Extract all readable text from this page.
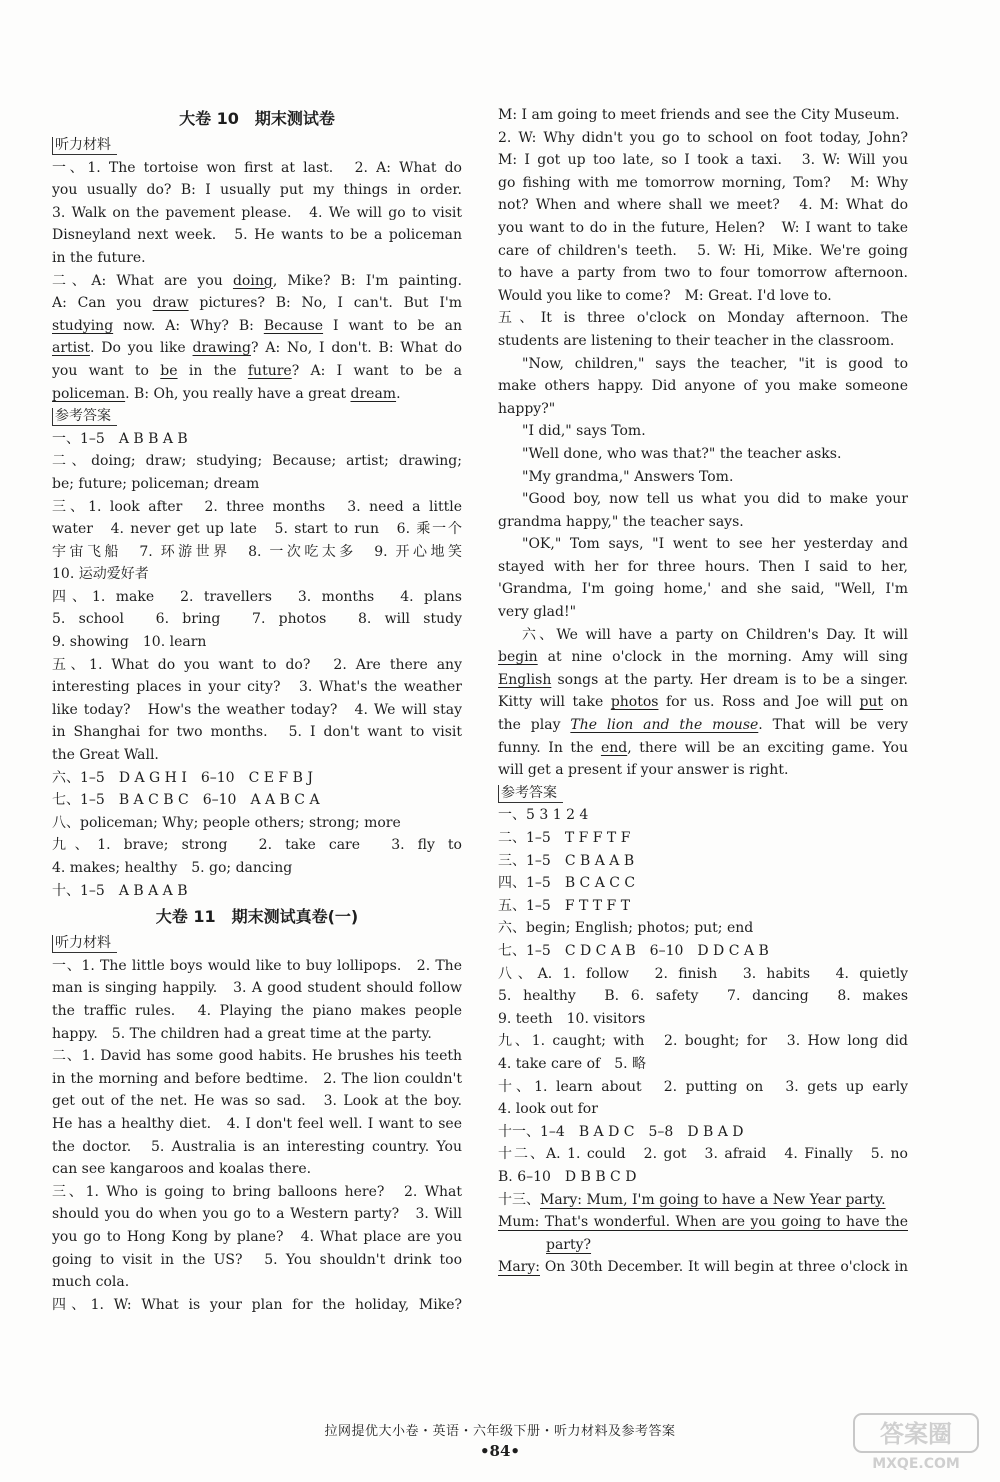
大卷 10　期末测试卷
听力材料
一、1. The tortoise won first at last.　2. A: What do
you usually do? B: I usually put my things in order.
3. Walk on the pavement please.　4. We will go to visit
Disneyland next week.　5. He wants to be a policeman
in the future.
二、A: What are you doing, Mike? B: I'm painting.
A: Can you draw pictures? B: No, I can't. But I'm
studying now. A: Why? B: Because I want to be an
artist. Do you like drawing? A: No, I don't. B: What do
you want to be in the future? A: I want to be a
policeman. B: Oh, you really have a great dream.
参考答案
一、1–5　A B B A B
二、doing; draw; studying; Because; artist; drawing;
be; future; policeman; dream
三、1. look after　2. three months　3. need a little
water　4. never get up late　5. start to run　6. 乘一个
宇宙飞船　7. 环游世界　8. 一次吃太多　9. 开心地笑
10. 运动爱好者
四、1. make　2. travellers　3. months　4. plans
5. school　6. bring　7. photos　8. will study
9. showing　10. learn
五、1. What do you want to do?　2. Are there any
interesting places in your city?　3. What's the weather
like today?　How's the weather today?　4. We will stay
in Shanghai for two months.　5. I don't want to visit
the Great Wall.
六、1–5　D A G H I　6–10　C E F B J
七、1–5　B A C B C　6–10　A A B C A
八、policeman; Why; people others; strong; more
九、1. brave; strong　2. take care　3. fly to
4. makes; healthy　5. go; dancing
十、1–5　A B A A B
大卷 11　期末测试真卷(一)
听力材料
一、1. The little boys would like to buy lollipops.　2. The
man is singing happily.　3. A good student should follow
the traffic rules.　4. Playing the piano makes people
happy.　5. The children had a great time at the party.
二、1. David has some good habits. He brushes his teeth
in the morning and before bedtime.　2. The lion couldn't
get out of the net. He was so sad.　3. Look at the boy.
He has a healthy diet.　4. I don't feel well. I want to see
the doctor.　5. Australia is an interesting country. You
can see kangaroos and koalas there.
三、1. Who is going to bring balloons here?　2. What
should you do when you go to a Western party?　3. Will
you go to Hong Kong by plane?　4. What place are you
going to visit in the US?　5. You shouldn't drink too
much cola.
四、1. W: What is your plan for the holiday, Mike?
M: I am going to meet friends and see the City Museum.
2. W: Why didn't you go to school on foot today, John?
M: I got up too late, so I took a taxi.　3. W: Will you
go fishing with me tomorrow morning, Tom?　M: Why
not? When and where shall we meet?　4. M: What do
you want to do in the future, Helen?　W: I want to take
care of children's teeth.　5. W: Hi, Mike. We're going
to have a party from two to four tomorrow afternoon.
Would you like to come?　M: Great. I'd love to.
五、It is three o'clock on Monday afternoon. The
students are listening to their teacher in the classroom.
"Now, children," says the teacher, "it is good to
make others happy. Did anyone of you make someone
happy?"
"I did," says Tom.
"Well done, who was that?" the teacher asks.
"My grandma," Answers Tom.
"Good boy, now tell us what you did to make your
grandma happy," the teacher says.
"OK," Tom says, "I went to see her yesterday and
stayed with her for three hours. Then I said to her,
'Grandma, I'm going home,' and she said, "Well, I'm
very glad!"
六、We will have a party on Children's Day. It will
begin at nine o'clock in the morning. Amy will sing
English songs at the party. Her dream is to be a singer.
Kitty will take photos for us. Ross and Joe will put on
the play The lion and the mouse. That will be very
funny. In the end, there will be an exciting game. You
will get a present if your answer is right.
参考答案
一、5 3 1 2 4
二、1–5　T F F T F
三、1–5　C B A A B
四、1–5　B C A C C
五、1–5　F T T F T
六、begin; English; photos; put; end
七、1–5　C D C A B　6–10　D D C A B
八、A. 1. follow　2. finish　3. habits　4. quietly
5. healthy　B. 6. safety　7. dancing　8. makes
9. teeth　10. visitors
九、1. caught; with　2. bought; for　3. How long did
4. take care of　5. 略
十、1. learn about　2. putting on　3. gets up early
4. look out for
十一、1–4　B A D C　5–8　D B A D
十二、A. 1. could　2. got　3. afraid　4. Finally　5. no
B. 6–10　D B B C D
十三、Mary: Mum, I'm going to have a New Year party.
Mum: That's wonderful. When are you going to have the
party?
Mary: On 30th December. It will begin at three o'clock in
拉网提优大小卷・英语・六年级下册・听力材料及参考答案
•84•
答案圈
MXQE.COM
